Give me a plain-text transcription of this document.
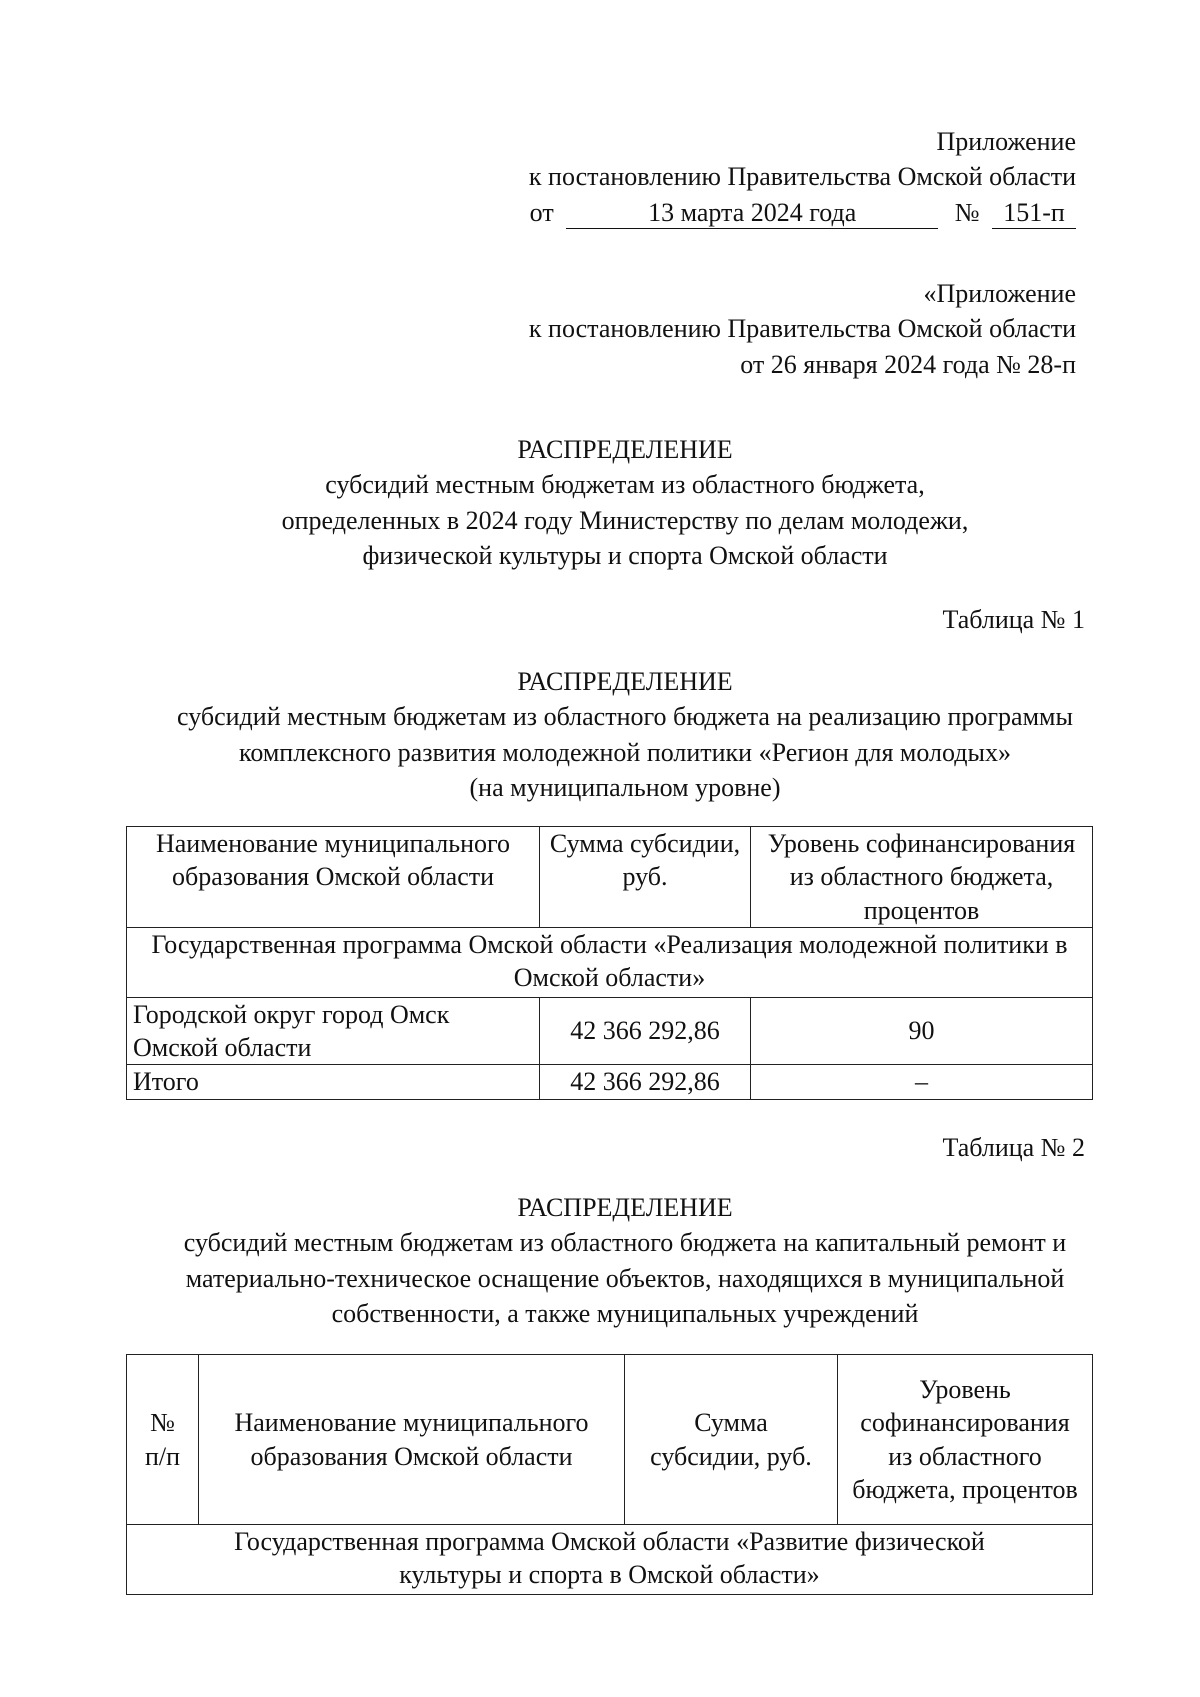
Приложение
к постановлению Правительства Омской области
от	13 марта 2024 года	№ 151-п
«Приложение
к постановлению Правительства Омской области
от 26 января 2024 года № 28-п
РАСПРЕДЕЛЕНИЕ
субсидий местным бюджетам из областного бюджета,
определенных в 2024 году Министерству по делам молодежи,
физической культуры и спорта Омской области
Таблица № 1
РАСПРЕДЕЛЕНИЕ
субсидий местным бюджетам из областного бюджета на реализацию программы
комплексного развития молодежной политики «Регион для молодых»
(на муниципальном уровне)
Наименование муниципального образования Омской области	Сумма субсидии, руб.	Уровень софинансирования из областного бюджета, процентов
Государственная программа Омской области «Реализация молодежной политики в Омской области»		
Городской округ город Омск Омской области	42 366 292,86	90
Итого	42 366 292,86	–
Таблица № 2
РАСПРЕДЕЛЕНИЕ
субсидий местным бюджетам из областного бюджета на капитальный ремонт и
материально-техническое оснащение объектов, находящихся в муниципальной
собственности, а также муниципальных учреждений
№ п/п	Наименование муниципального образования Омской области	Сумма субсидии, руб.	Уровень софинансирования из областного бюджета, процентов
Государственная программа Омской области «Развитие физической культуры и спорта в Омской области»
